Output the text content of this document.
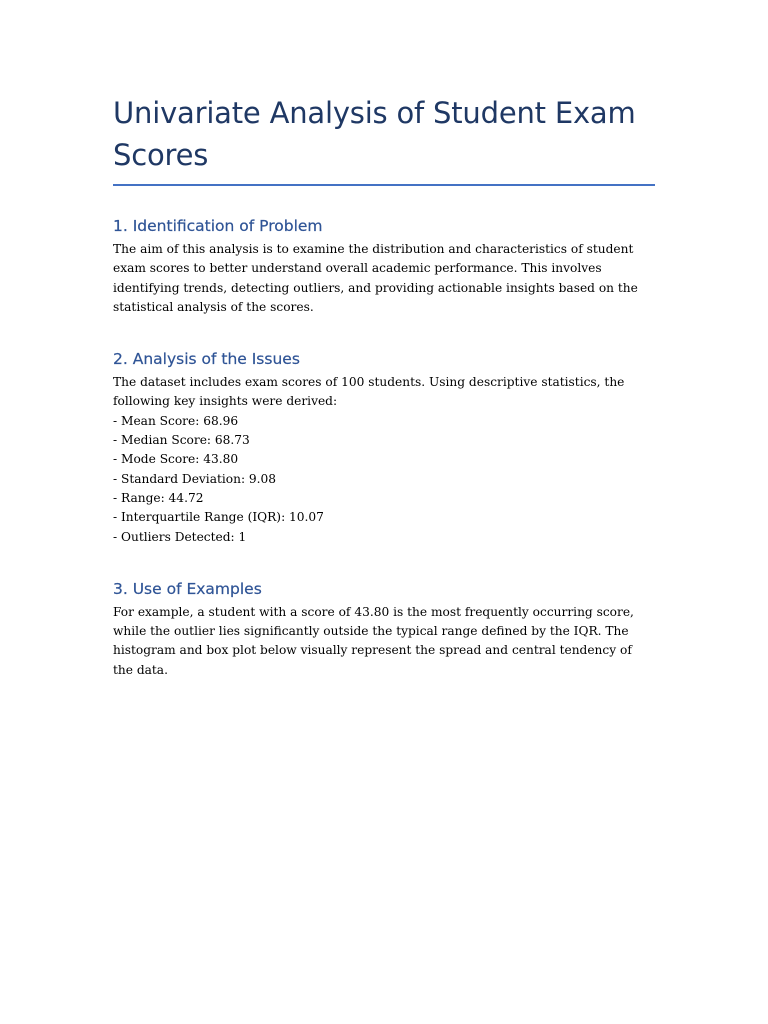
Univariate Analysis of Student Exam Scores
1. Identification of Problem

The aim of this analysis is to examine the distribution and characteristics of student exam scores to better understand overall academic performance. This involves identifying trends, detecting outliers, and providing actionable insights based on the statistical analysis of the scores.

2. Analysis of the Issues

The dataset includes exam scores of 100 students. Using descriptive statistics, the following key insights were derived:

- Mean Score: 68.96
- Median Score: 68.73
- Mode Score: 43.80
- Standard Deviation: 9.08
- Range: 44.72
- Interquartile Range (IQR): 10.07
- Outliers Detected: 1
3. Use of Examples

For example, a student with a score of 43.80 is the most frequently occurring score, while the outlier lies significantly outside the typical range defined by the IQR. The histogram and box plot below visually represent the spread and central tendency of the data.
